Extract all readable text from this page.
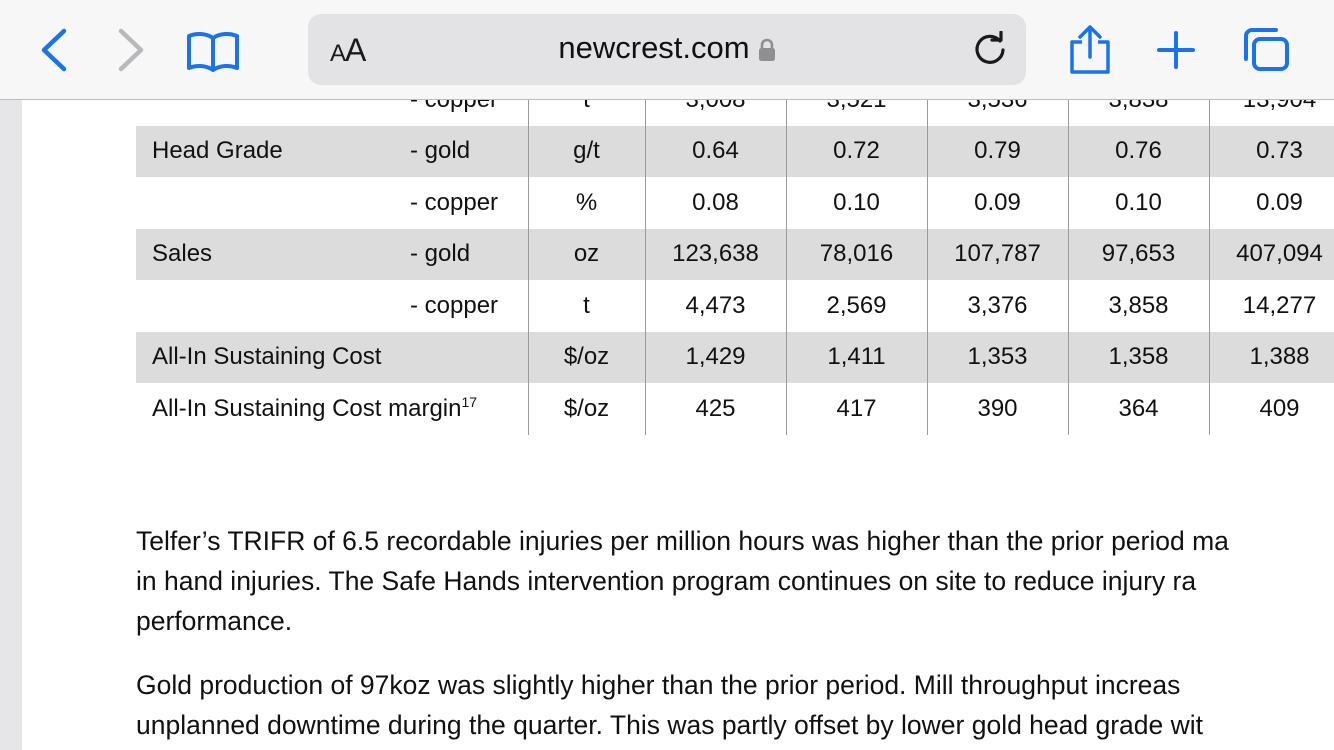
Head Grade	- gold	g/t	0.64	0.72	0.79	0.76	0.73
	- copper	%	0.08	0.10	0.09	0.10	0.09
Sales	- gold	oz	123,638	78,016	107,787	97,653	407,094
	- copper	t	4,473	2,569	3,376	3,858	14,277
All-In Sustaining Cost		$/oz	1,429	1,411	1,353	1,358	1,388
All-In Sustaining Cost margin$^{17}$		$/oz	425	417	390	364	409
Telfer’s TRIFR of 6.5 recordable injuries per million hours was higher than the prior period ma
in hand injuries. The Safe Hands intervention program continues on site to reduce injury ra
performance.
Gold production of 97koz was slightly higher than the prior period. Mill throughput increas
unplanned downtime during the quarter. This was partly offset by lower gold head grade wit
AA	newcrest.com
